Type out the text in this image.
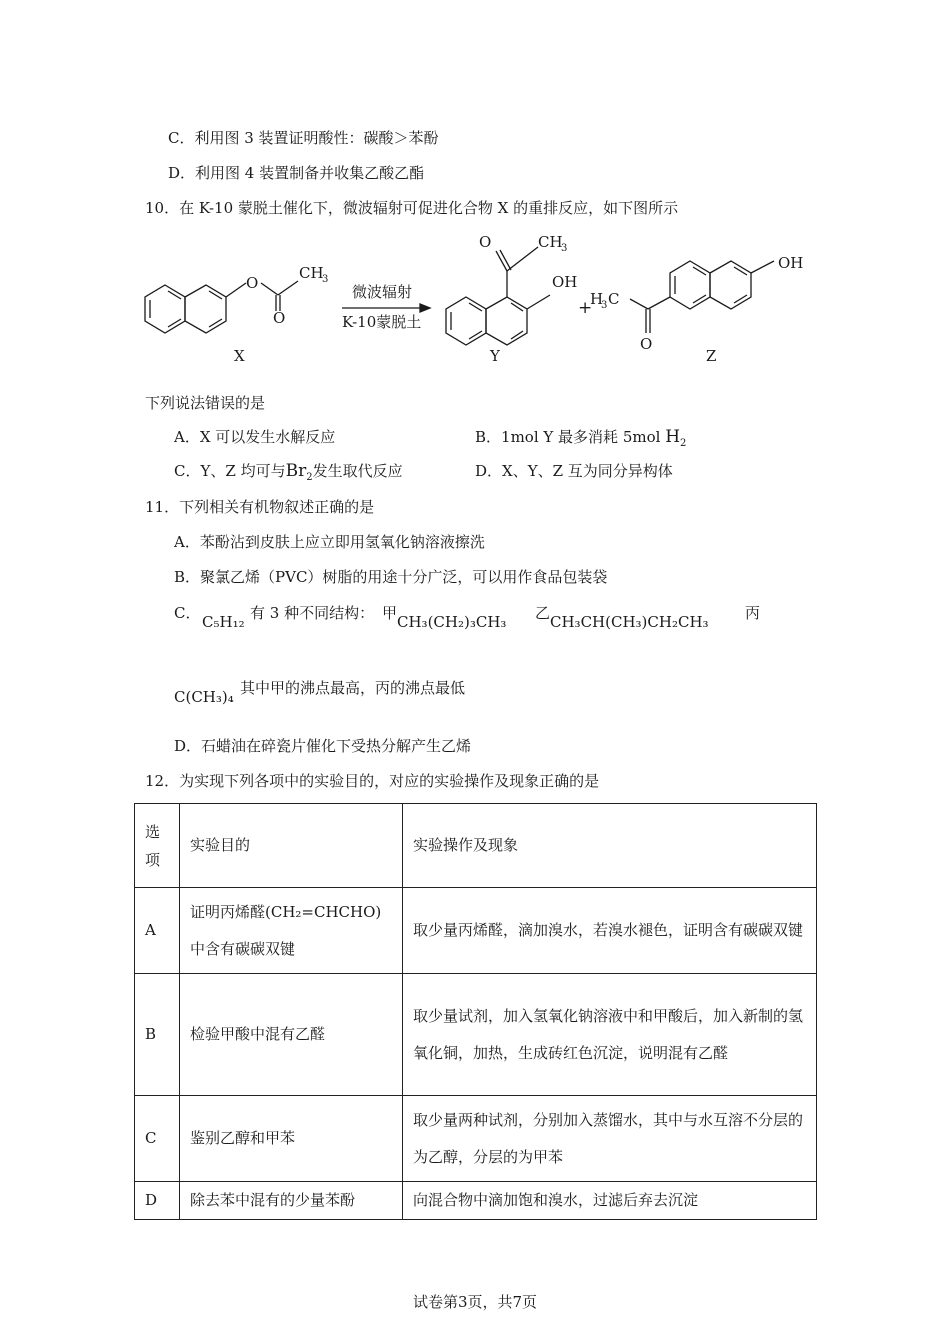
C．利用图 3 装置证明酸性：碳酸＞苯酚
D．利用图 4 装置制备并收集乙酸乙酯
10．在 K-10 蒙脱土催化下，微波辐射可促进化合物 X 的重排反应，如下图所示
O
O
CH
3
X
微波辐射
K-10蒙脱土
O	CH
3
OH
Y
+
H
3 C
O
OH
Z
下列说法错误的是
A．X 可以发生水解反应	B．1mol Y 最多消耗 5mol $H_2$
C．Y、Z 均可与$Br_2$发生取代反应	D．X、Y、Z 互为同分异构体
11．下列相关有机物叙述正确的是
A．苯酚沾到皮肤上应立即用氢氧化钠溶液擦洗
B．聚氯乙烯（PVC）树脂的用途十分广泛，可以用作食品包装袋
C． C₅H₁₂ 有 3 种不同结构： 甲 CH₃(CH₂)₃CH₃ 乙 CH₃CH(CH₃)CH₂CH₃ 丙
C(CH₃)₄ 其中甲的沸点最高，丙的沸点最低
D．石蜡油在碎瓷片催化下受热分解产生乙烯
12．为实现下列各项中的实验目的，对应的实验操作及现象正确的是
选项	实验目的	实验操作及现象
A	证明丙烯醛(CH₂=CHCHO)中含有碳碳双键	取少量丙烯醛，滴加溴水，若溴水褪色，证明含有碳碳双键
B	检验甲酸中混有乙醛	取少量试剂，加入氢氧化钠溶液中和甲酸后，加入新制的氢氧化铜，加热，生成砖红色沉淀，说明混有乙醛
C	鉴别乙醇和甲苯	取少量两种试剂，分别加入蒸馏水，其中与水互溶不分层的为乙醇，分层的为甲苯
D	除去苯中混有的少量苯酚	向混合物中滴加饱和溴水，过滤后弃去沉淀
试卷第3页，共7页
